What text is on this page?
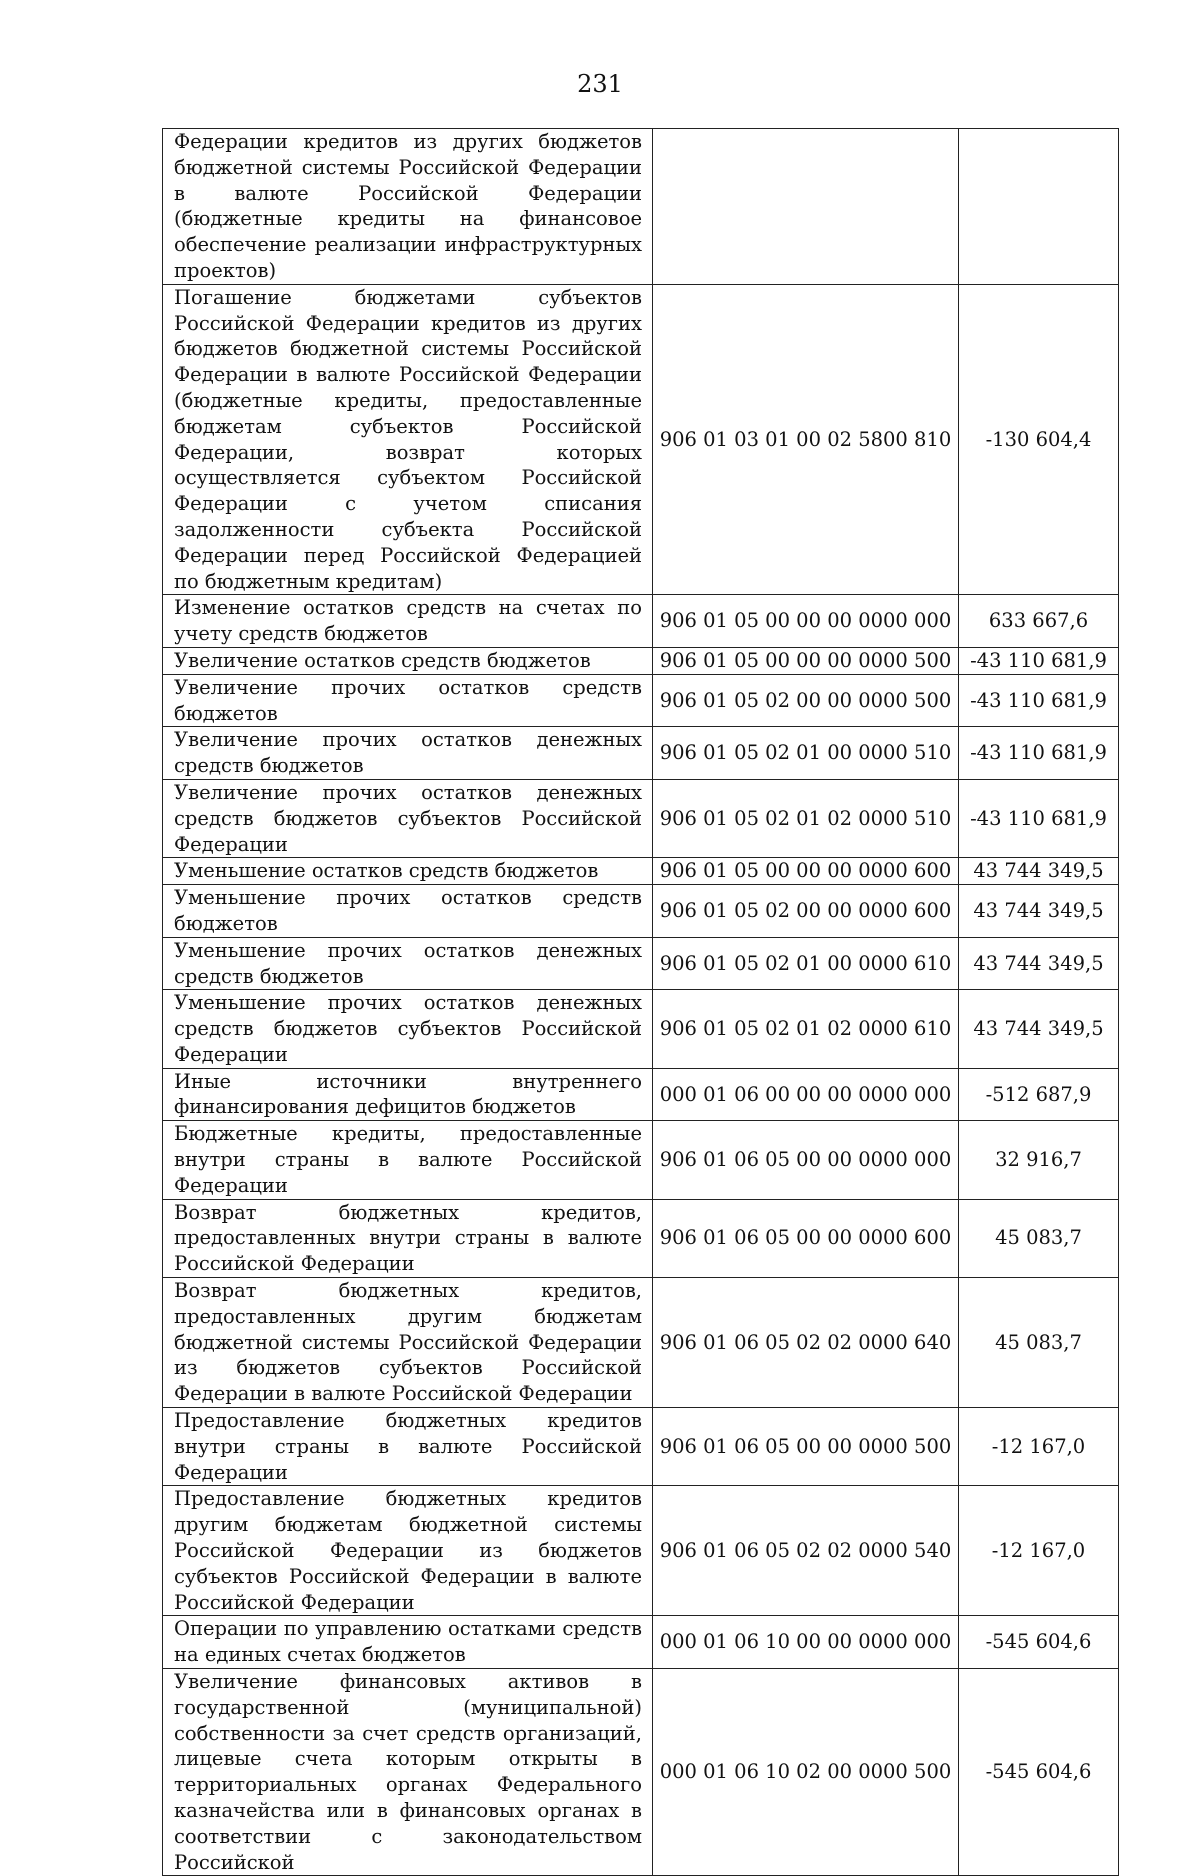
231
Федерации кредитов из других бюджетов бюджетной системы Российской Федерации в валюте Российской Федерации (бюджетные кредиты на финансовое обеспечение реализации инфраструктурных проектов)		
Погашение бюджетами субъектов Российской Федерации кредитов из других бюджетов бюджетной системы Российской Федерации в валюте Российской Федерации (бюджетные кредиты, предоставленные бюджетам субъектов Российской Федерации, возврат которых осуществляется субъектом Российской Федерации с учетом списания задолженности субъекта Российской Федерации перед Российской Федерацией по бюджетным кредитам)	906 01 03 01 00 02 5800 810	-130 604,4
Изменение остатков средств на счетах по учету средств бюджетов	906 01 05 00 00 00 0000 000	633 667,6
Увеличение остатков средств бюджетов	906 01 05 00 00 00 0000 500	-43 110 681,9
Увеличение прочих остатков средств бюджетов	906 01 05 02 00 00 0000 500	-43 110 681,9
Увеличение прочих остатков денежных средств бюджетов	906 01 05 02 01 00 0000 510	-43 110 681,9
Увеличение прочих остатков денежных средств бюджетов субъектов Российской Федерации	906 01 05 02 01 02 0000 510	-43 110 681,9
Уменьшение остатков средств бюджетов	906 01 05 00 00 00 0000 600	43 744 349,5
Уменьшение прочих остатков средств бюджетов	906 01 05 02 00 00 0000 600	43 744 349,5
Уменьшение прочих остатков денежных средств бюджетов	906 01 05 02 01 00 0000 610	43 744 349,5
Уменьшение прочих остатков денежных средств бюджетов субъектов Российской Федерации	906 01 05 02 01 02 0000 610	43 744 349,5
Иные источники внутреннего финансирования дефицитов бюджетов	000 01 06 00 00 00 0000 000	-512 687,9
Бюджетные кредиты, предоставленные внутри страны в валюте Российской Федерации	906 01 06 05 00 00 0000 000	32 916,7
Возврат бюджетных кредитов, предоставленных внутри страны в валюте Российской Федерации	906 01 06 05 00 00 0000 600	45 083,7
Возврат бюджетных кредитов, предоставленных другим бюджетам бюджетной системы Российской Федерации из бюджетов субъектов Российской Федерации в валюте Российской Федерации	906 01 06 05 02 02 0000 640	45 083,7
Предоставление бюджетных кредитов внутри страны в валюте Российской Федерации	906 01 06 05 00 00 0000 500	-12 167,0
Предоставление бюджетных кредитов другим бюджетам бюджетной системы Российской Федерации из бюджетов субъектов Российской Федерации в валюте Российской Федерации	906 01 06 05 02 02 0000 540	-12 167,0
Операции по управлению остатками средств на единых счетах бюджетов	000 01 06 10 00 00 0000 000	-545 604,6
Увеличение финансовых активов в государственной (муниципальной) собственности за счет средств организаций, лицевые счета которым открыты в территориальных органах Федерального казначейства или в финансовых органах в соответствии с законодательством Российской	000 01 06 10 02 00 0000 500	-545 604,6
